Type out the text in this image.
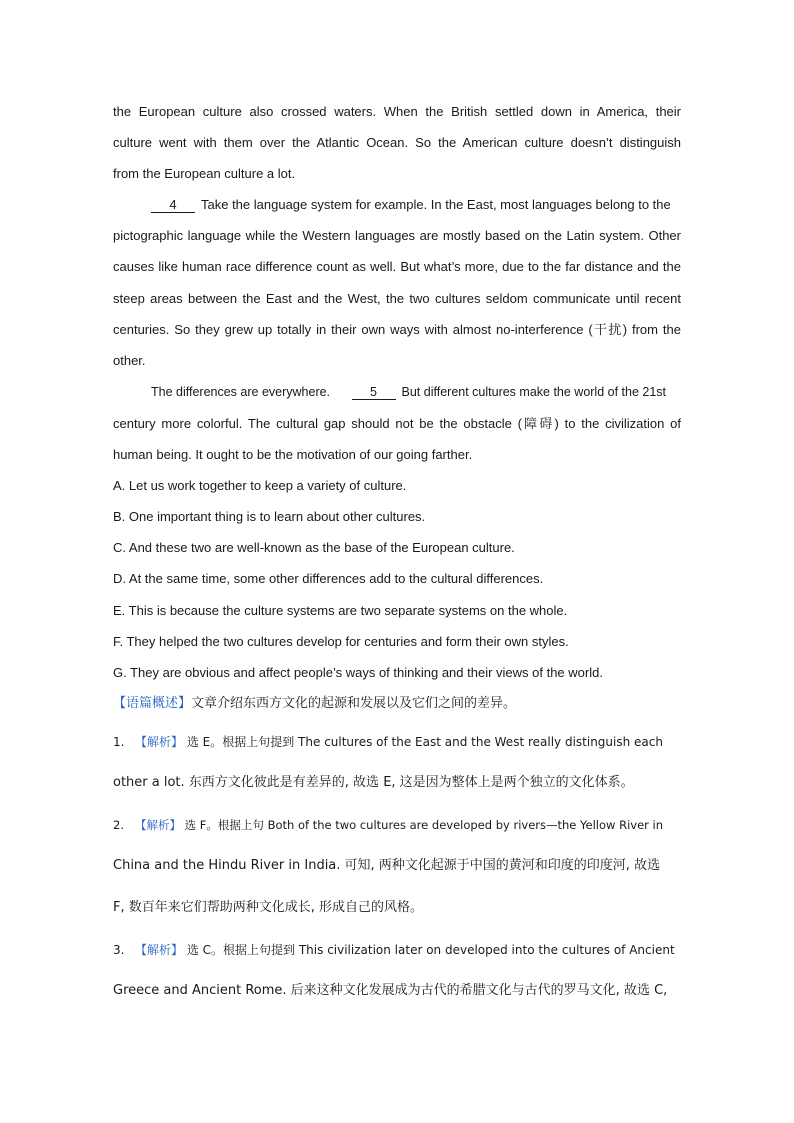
the European culture also crossed waters. When the British settled down in America, their
culture went with them over the Atlantic Ocean. So the American culture doesn’t distinguish
from the European culture a lot.
4 Take the language system for example. In the East, most languages belong to the
pictographic language while the Western languages are mostly based on the Latin system. Other
causes like human race difference count as well. But what’s more, due to the far distance and the
steep areas between the East and the West, the two cultures seldom communicate until recent
centuries. So they grew up totally in their own ways with almost no-interference (干扰) from the
other.
The differences are everywhere.	5 But different cultures make the world of the 21st
century more colorful. The cultural gap should not be the obstacle (障碍) to the civilization of
human being. It ought to be the motivation of our going farther.
A. Let us work together to keep a variety of culture.
B. One important thing is to learn about other cultures.
C. And these two are well-known as the base of the European culture.
D. At the same time, some other differences add to the cultural differences.
E. This is because the culture systems are two separate systems on the whole.
F. They helped the two cultures develop for centuries and form their own styles.
G. They are obvious and affect people’s ways of thinking and their views of the world.
【语篇概述】文章介绍东西方文化的起源和发展以及它们之间的差异。
1. 【解析】 选 E。根据上句提到 The cultures of the East and the West really distinguish each
other a lot. 东西方文化彼此是有差异的, 故选 E, 这是因为整体上是两个独立的文化体系。
2. 【解析】 选 F。根据上句 Both of the two cultures are developed by rivers—the Yellow River in
China and the Hindu River in India. 可知, 两种文化起源于中国的黄河和印度的印度河, 故选
F, 数百年来它们帮助两种文化成长, 形成自己的风格。
3. 【解析】 选 C。根据上句提到 This civilization later on developed into the cultures of Ancient
Greece and Ancient Rome. 后来这种文化发展成为古代的希腊文化与古代的罗马文化, 故选 C,
